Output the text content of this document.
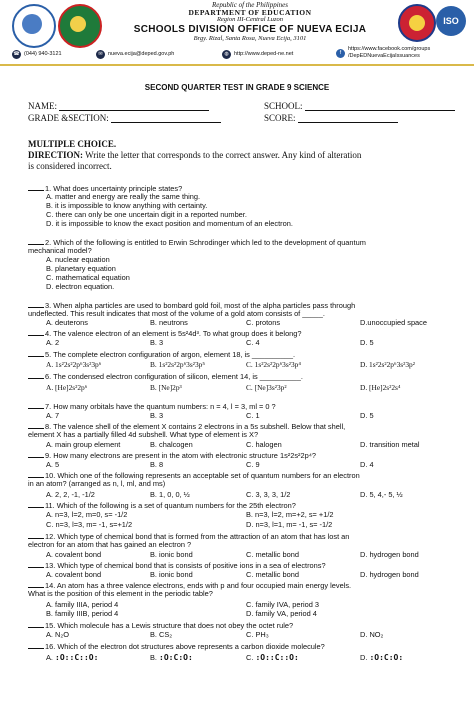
Republic of the Philippines
DEPARTMENT OF EDUCATION
Region III-Central Luzon
SCHOOLS DIVISION OFFICE OF NUEVA ECIJA
Brgy. Rizal, Santa Rosa, Nueva Ecija, 3101
ISO
☎ (044) 940-3121	✉ nueva.ecija@deped.gov.ph	◍ http://www.deped-ne.net	f
https://www.facebook.com/groups
/DepEDNuevaEcijaIssuances
SECOND QUARTER TEST IN GRADE 9 SCIENCE
NAME:	SCHOOL:
GRADE &SECTION:	SCORE:
MULTIPLE CHOICE.
DIRECTION: Write the letter that corresponds to the correct answer. Any kind of alteration
is considered incorrect.
1. What does uncertainty principle states?
A. matter and energy are really the same thing.
B. it is impossible to know anything with certainty.
C. there can only be one uncertain digit in a reported number.
D. it is impossible to know the exact position and momentum of an electron.
2. Which of the following is entitled to Erwin Schrodinger which led to the development of quantum
mechanical model?
A. nuclear equation
B. planetary equation
C. mathematical equation
D. electron equation.
3. When alpha particles are used to bombard gold foil, most of the alpha particles pass through
undeflected. This result indicates that most of the volume of a gold atom consists of _____.
A. deuterons	B. neutrons	C. protons	D.unoccupied space
4. The valence electron of an element is 5s²4d³. To what group does it belong?
A. 2	B. 3	C. 4	D. 5
5. The complete electron configuration of argon, element 18, is __________.
A. 1s²2s²2p⁶3s²3p⁶	B. 1s²2s²2p⁶3s²3p⁵	C. 1s²2s²2p⁶3s²3p⁴	D. 1s²2s²2p⁶3s²3p²
6. The condensed electron configuration of silicon, element 14, is __________.
A. [He]2s²2p⁶	B. [Ne]2p³	C. [Ne]3s²3p²	D. [He]2s²2s⁴
7. How many orbitals have the quantum numbers: n = 4, l = 3, ml = 0 ?
A. 7	B. 3	C. 1	D. 5
8. The valence shell of the element X contains 2 electrons in a 5s subshell. Below that shell,
element X has a partially filled 4d subshell. What type of element is X?
A. main group element	B. chalcogen	C. halogen	D. transition metal
9. How many electrons are present in the atom with electronic structure 1s²2s²2p⁴?
A. 5	B. 8	C. 9	D. 4
10. Which one of the following represents an acceptable set of quantum numbers for an electron
in an atom? (arranged as n, l, ml, and ms)
A. 2, 2, -1, -1/2	B. 1, 0, 0, ½	C. 3, 3, 3, 1/2	D. 5, 4,- 5, ½
11. Which of the following is a set of quantum numbers for the 25th electron?
A. n=3, l=2, m=0, s= -1/2	B. n=3, l=2, m=+2, s= +1/2
C. n=3, l=3, m= -1, s=+1/2	D. n=3, l=1, m= -1, s= -1/2
12. Which type of chemical bond that is formed from the attraction of an atom that has lost an
electron for an atom that has gained an electron ?
A. covalent bond	B. ionic bond	C. metallic bond	D. hydrogen bond
13. Which type of chemical bond that is consists of positive ions in a sea of electrons?
A. covalent bond	B. ionic bond	C. metallic bond	D. hydrogen bond
14. An atom has a three valence electrons, ends with p and four occupied main energy levels.
What is the position of this element in the periodic table?
A. family IIIA, period 4	C. family IVA, period 3
B. family IIIB, period 4	D. family VA, period 4
15. Which molecule has a Lewis structure that does not obey the octet rule?
A. N₂O	B. CS₂	C. PH₃	D. NO₂
16. Which of the electron dot structures above represents a carbon dioxide molecule?
A. :O::C::O:	B. :O:C:O:	C. :O::C::O:	D. :O:C:O:
